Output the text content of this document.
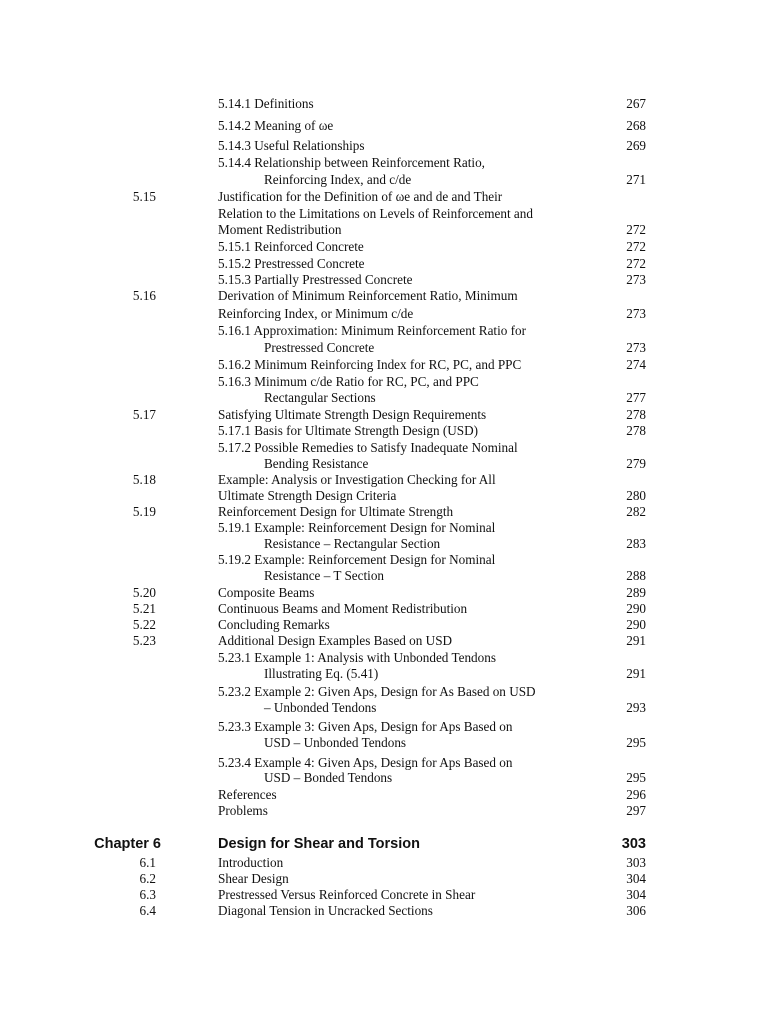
5.14.1 Definitions	267
5.14.2 Meaning of ωe	268
5.14.3 Useful Relationships	269
5.14.4 Relationship between Reinforcement Ratio,
Reinforcing Index, and c/de	271
5.15	Justification for the Definition of ωe and de and Their
Relation to the Limitations on Levels of Reinforcement and
Moment Redistribution	272
5.15.1 Reinforced Concrete	272
5.15.2 Prestressed Concrete	272
5.15.3 Partially Prestressed Concrete	273
5.16	Derivation of Minimum Reinforcement Ratio, Minimum
Reinforcing Index, or Minimum c/de	273
5.16.1 Approximation: Minimum Reinforcement Ratio for
Prestressed Concrete	273
5.16.2 Minimum Reinforcing Index for RC, PC, and PPC	274
5.16.3 Minimum c/de Ratio for RC, PC, and PPC
Rectangular Sections	277
5.17	Satisfying Ultimate Strength Design Requirements	278
5.17.1 Basis for Ultimate Strength Design (USD)	278
5.17.2 Possible Remedies to Satisfy Inadequate Nominal
Bending Resistance	279
5.18	Example: Analysis or Investigation Checking for All
Ultimate Strength Design Criteria	280
5.19	Reinforcement Design for Ultimate Strength	282
5.19.1 Example: Reinforcement Design for Nominal
Resistance – Rectangular Section	283
5.19.2 Example: Reinforcement Design for Nominal
Resistance – T Section	288
5.20	Composite Beams	289
5.21	Continuous Beams and Moment Redistribution	290
5.22	Concluding Remarks	290
5.23	Additional Design Examples Based on USD	291
5.23.1 Example 1: Analysis with Unbonded Tendons
Illustrating Eq. (5.41)	291
5.23.2 Example 2: Given Aps, Design for As Based on USD
– Unbonded Tendons	293
5.23.3 Example 3: Given Aps, Design for Aps Based on
USD – Unbonded Tendons	295
5.23.4 Example 4: Given Aps, Design for Aps Based on
USD – Bonded Tendons	295
References	296
Problems	297
Chapter 6	Design for Shear and Torsion	303
6.1	Introduction	303
6.2	Shear Design	304
6.3	Prestressed Versus Reinforced Concrete in Shear	304
6.4	Diagonal Tension in Uncracked Sections	306
